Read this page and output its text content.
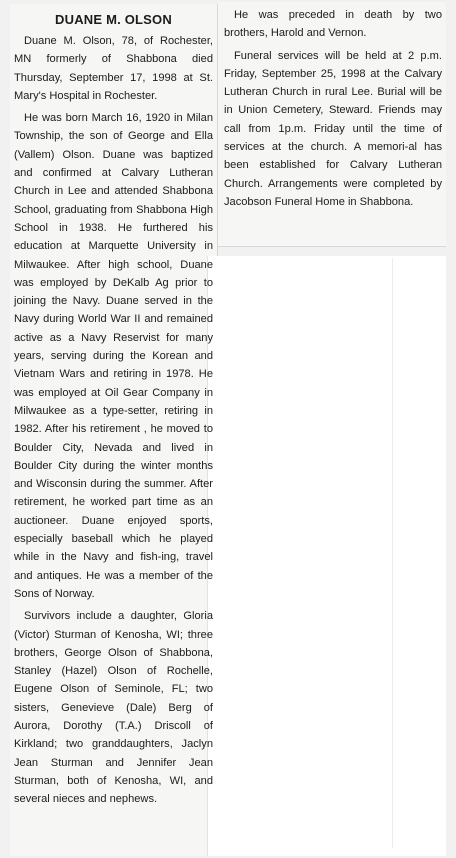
DUANE M. OLSON

Duane M. Olson, 78, of Rochester, MN formerly of Shabbona died Thursday, September 17, 1998 at St. Mary's Hospital in Rochester.

He was born March 16, 1920 in Milan Township, the son of George and Ella (Vallem) Olson. Duane was baptized and confirmed at Calvary Lutheran Church in Lee and attended Shabbona School, graduating from Shabbona High School in 1938. He furthered his education at Marquette University in Milwaukee. After high school, Duane was employed by DeKalb Ag prior to joining the Navy. Duane served in the Navy during World War II and remained active as a Navy Reservist for many years, serving during the Korean and Vietnam Wars and retiring in 1978. He was employed at Oil Gear Company in Milwaukee as a type-setter, retiring in 1982. After his retirement , he moved to Boulder City, Nevada and lived in Boulder City during the winter months and Wisconsin during the summer. After retirement, he worked part time as an auctioneer. Duane enjoyed sports, especially baseball which he played while in the Navy and fish-ing, travel and antiques. He was a member of the Sons of Norway.

Survivors include a daughter, Gloria (Victor) Sturman of Kenosha, WI; three brothers, George Olson of Shabbona, Stanley (Hazel) Olson of Rochelle, Eugene Olson of Seminole, FL; two sisters, Genevieve (Dale) Berg of Aurora, Dorothy (T.A.) Driscoll of Kirkland; two granddaughters, Jaclyn Jean Sturman and Jennifer Jean Sturman, both of Kenosha, WI, and several nieces and nephews.

He was preceded in death by two brothers, Harold and Vernon.

Funeral services will be held at 2 p.m. Friday, September 25, 1998 at the Calvary Lutheran Church in rural Lee. Burial will be in Union Cemetery, Steward. Friends may call from 1p.m. Friday until the time of services at the church. A memori-al has been established for Calvary Lutheran Church. Arrangements were completed by Jacobson Funeral Home in Shabbona.
